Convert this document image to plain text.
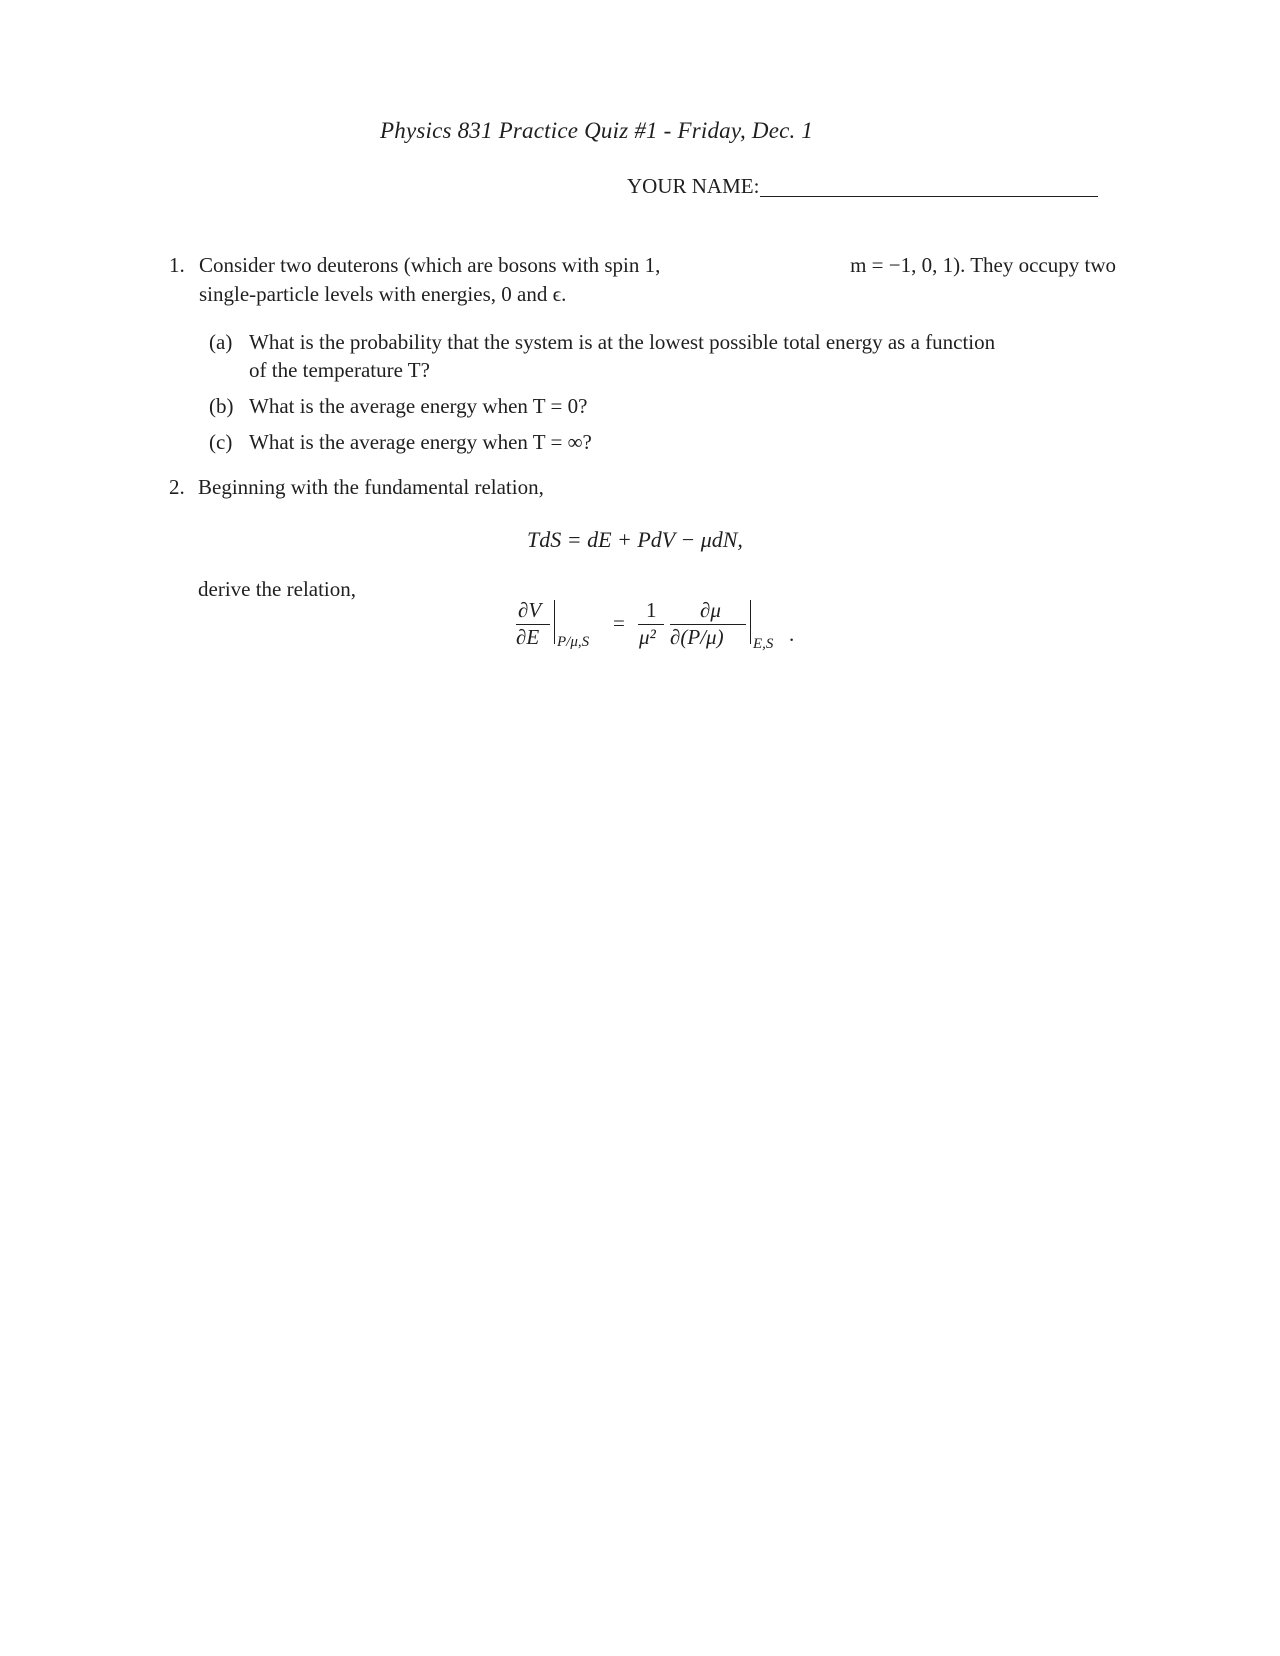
Physics 831 Practice Quiz #1 - Friday, Dec. 1
YOUR NAME:
1. Consider two deuterons (which are bosons with spin 1,	m = −1, 0, 1). They occupy two
single-particle levels with energies, 0 and ϵ.
(a) What is the probability that the system is at the lowest possible total energy as a function
of the temperature T?
(b) What is the average energy when T = 0?
(c) What is the average energy when T = ∞?
2. Beginning with the fundamental relation,
TdS = dE + PdV − μdN,
derive the relation,
∂V
∂E P/μ,S
=
1
μ²
∂μ
∂(P/μ) E,S .
